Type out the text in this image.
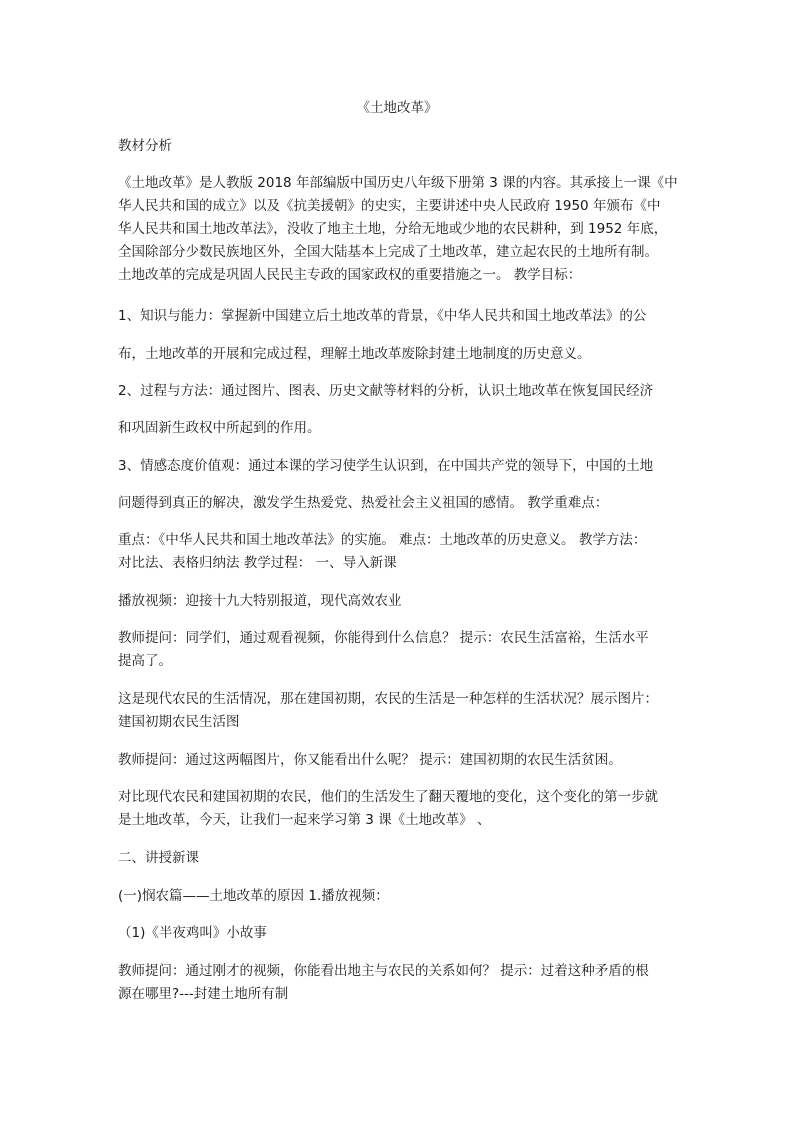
《土地改革》
教材分析
《土地改革》是人教版 2018 年部编版中国历史八年级下册第 3 课的内容。其承接上一课《中
华人民共和国的成立》以及《抗美援朝》的史实，主要讲述中央人民政府 1950 年颁布《中
华人民共和国土地改革法》，没收了地主土地，分给无地或少地的农民耕种，到 1952 年底，
全国除部分少数民族地区外，全国大陆基本上完成了土地改革，建立起农民的土地所有制。
土地改革的完成是巩固人民民主专政的国家政权的重要措施之一。 教学目标：
1、知识与能力：掌握新中国建立后土地改革的背景，《中华人民共和国土地改革法》的公
布，土地改革的开展和完成过程，理解土地改革废除封建土地制度的历史意义。
2、过程与方法：通过图片、图表、历史文献等材料的分析，认识土地改革在恢复国民经济
和巩固新生政权中所起到的作用。
3、情感态度价值观：通过本课的学习使学生认识到，在中国共产党的领导下，中国的土地
问题得到真正的解决，激发学生热爱党、热爱社会主义祖国的感情。 教学重难点：
重点：《中华人民共和国土地改革法》的实施。 难点：土地改革的历史意义。 教学方法：
对比法、表格归纳法 教学过程： 一、导入新课
播放视频：迎接十九大特别报道，现代高效农业
教师提问：同学们，通过观看视频，你能得到什么信息？ 提示：农民生活富裕，生活水平
提高了。
这是现代农民的生活情况，那在建国初期，农民的生活是一种怎样的生活状况？展示图片：
建国初期农民生活图
教师提问：通过这两幅图片，你又能看出什么呢？ 提示：建国初期的农民生活贫困。
对比现代农民和建国初期的农民，他们的生活发生了翻天覆地的变化，这个变化的第一步就
是土地改革，今天，让我们一起来学习第 3 课《土地改革》 、
二、讲授新课
(一)悯农篇——土地改革的原因 1.播放视频：
（1)《半夜鸡叫》小故事
教师提问：通过刚才的视频，你能看出地主与农民的关系如何？ 提示：过着这种矛盾的根
源在哪里?---封建土地所有制
